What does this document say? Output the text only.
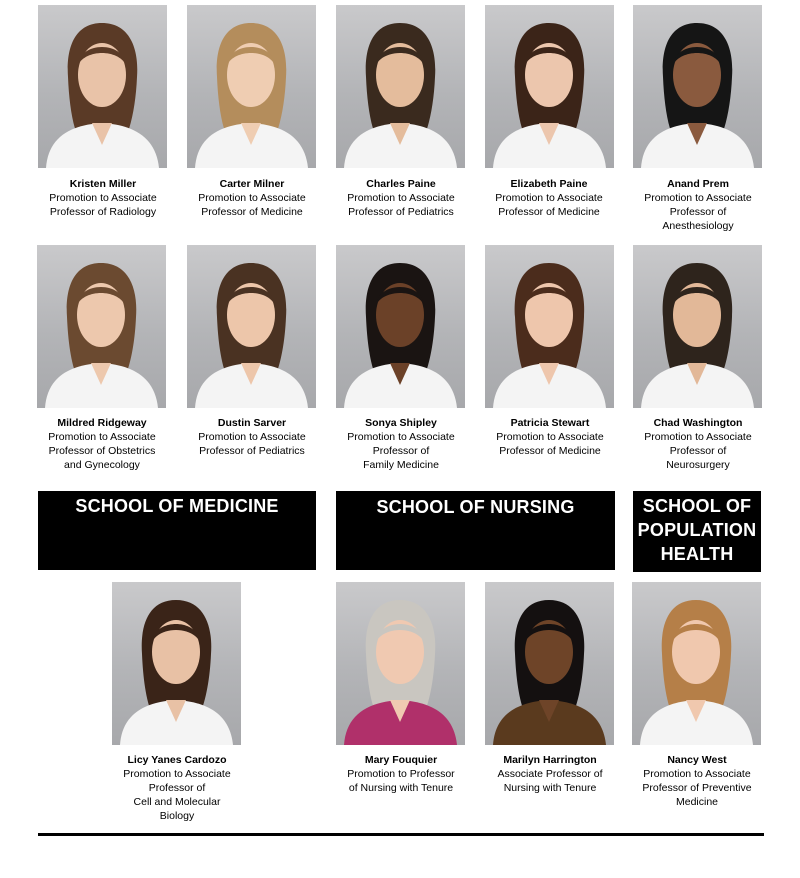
Kristen Miller
Promotion to Associate
Professor of Radiology
Carter Milner
Promotion to Associate
Professor of Medicine
Charles Paine
Promotion to Associate
Professor of Pediatrics
Elizabeth Paine
Promotion to Associate
Professor of Medicine
Anand Prem
Promotion to Associate
Professor of
Anesthesiology
Mildred Ridgeway
Promotion to Associate
Professor of Obstetrics
and Gynecology
Dustin Sarver
Promotion to Associate
Professor of Pediatrics
Sonya Shipley
Promotion to Associate
Professor of
Family Medicine
Patricia Stewart
Promotion to Associate
Professor of Medicine
Chad Washington
Promotion to Associate
Professor of
Neurosurgery
SCHOOL OF MEDICINE	SCHOOL OF NURSING	SCHOOL OF
POPULATION
HEALTH
Licy Yanes Cardozo
Promotion to Associate
Professor of
Cell and Molecular
Biology
Mary Fouquier
Promotion to Professor
of Nursing with Tenure
Marilyn Harrington
Associate Professor of
Nursing with Tenure
Nancy West
Promotion to Associate
Professor of Preventive
Medicine
